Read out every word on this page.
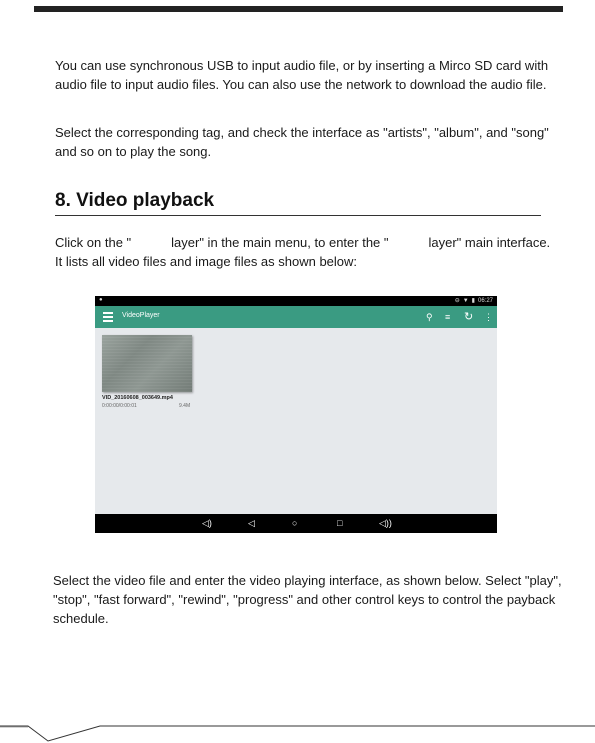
You can use synchronous USB to input audio file, or by inserting a Mirco SD card with audio file to input audio files. You can also use the network to download the audio file.

Select the corresponding tag, and check the interface as "artists", "album", and "song" and so on to play the song.

8. Video playback

Click on the "	layer" in the main menu, to enter the "	layer" main interface. It lists all video files and image files as shown below:

●	⊖ ▼ ▮ 06:27
VideoPlayer	⚲ ≡ ↻ ⋮
VID_20160608_003649.mp4
0:00:00/0:00:01	9.4M
◁)	◁	○	□	◁))

Select the video file and enter the video playing interface, as shown below. Select "play", "stop", "fast forward", "rewind", "progress" and other control keys to control the payback schedule.
